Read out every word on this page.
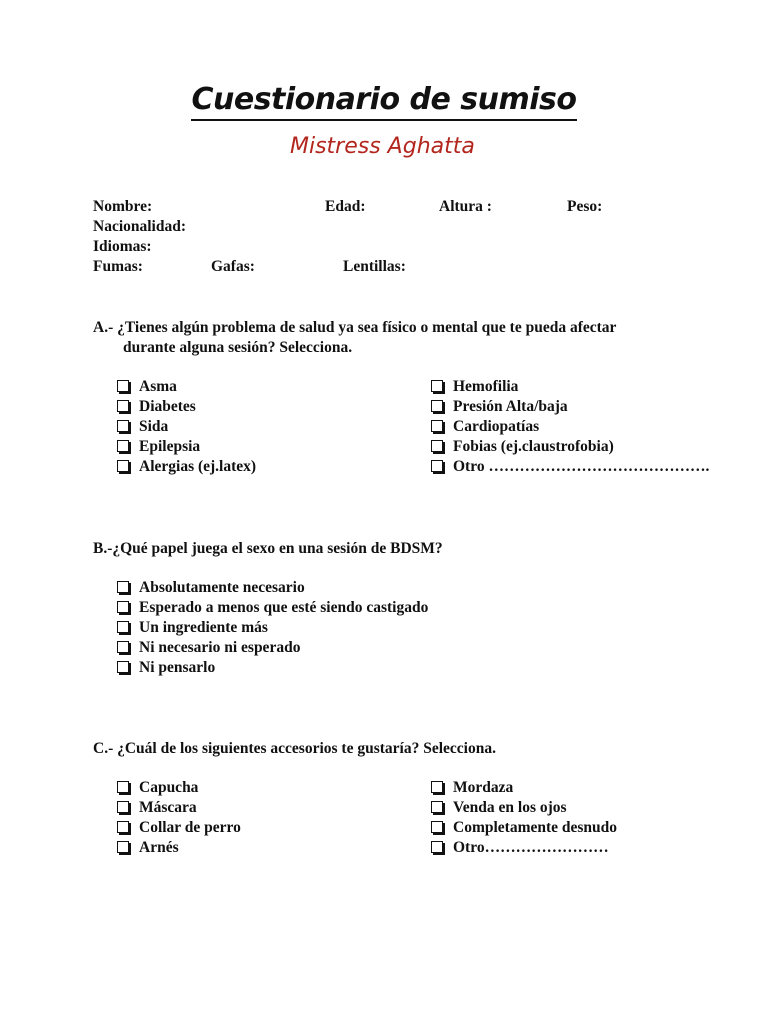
Cuestionario de sumiso
Mistress Aghatta
Nombre:	Edad:	Altura :	Peso:
Nacionalidad:
Idiomas:
Fumas:	Gafas:	Lentillas:
A.- ¿Tienes algún problema de salud ya sea físico o mental que te pueda afectar
durante alguna sesión? Selecciona.
Asma
Diabetes
Sida
Epilepsia
Alergias (ej.latex)
Hemofilia
Presión Alta/baja
Cardiopatías
Fobias (ej.claustrofobia)
Otro …………………………………….
B.-¿Qué papel juega el sexo en una sesión de BDSM?
Absolutamente necesario
Esperado a menos que esté siendo castigado
Un ingrediente más
Ni necesario ni esperado
Ni pensarlo
C.- ¿Cuál de los siguientes accesorios te gustaría? Selecciona.
Capucha
Máscara
Collar de perro
Arnés
Mordaza
Venda en los ojos
Completamente desnudo
Otro……………………
